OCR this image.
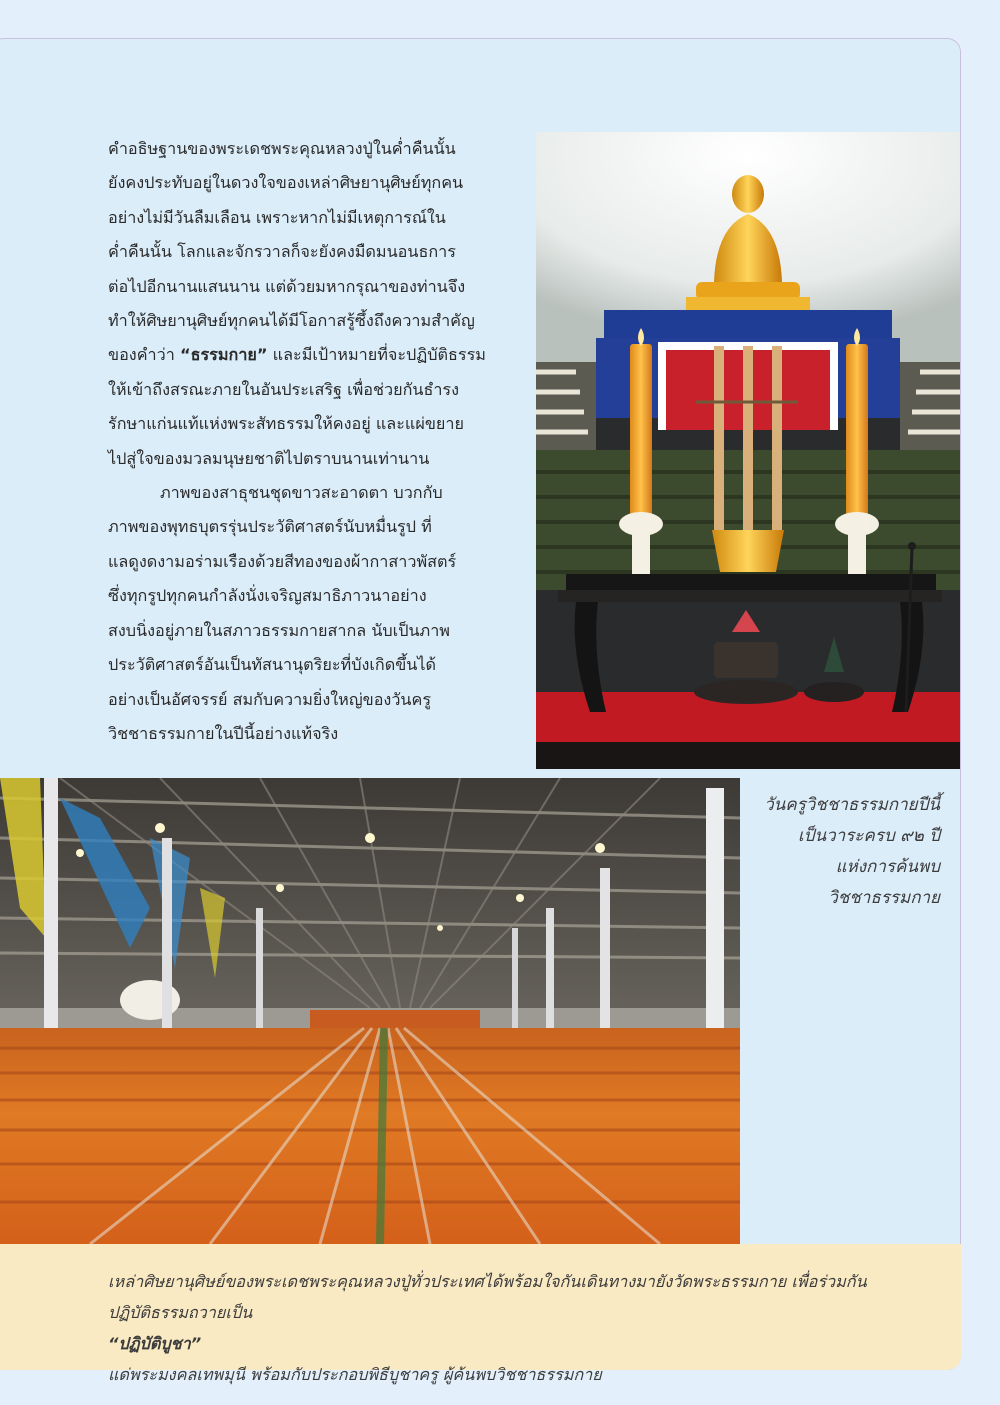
คำอธิษฐานของพระเดชพระคุณหลวงปู่ในค่ำคืนนั้น
ยังคงประทับอยู่ในดวงใจของเหล่าศิษยานุศิษย์ทุกคน
อย่างไม่มีวันลืมเลือน เพราะหากไม่มีเหตุการณ์ใน
ค่ำคืนนั้น โลกและจักรวาลก็จะยังคงมืดมนอนธการ
ต่อไปอีกนานแสนนาน แต่ด้วยมหากรุณาของท่านจึง
ทำให้ศิษยานุศิษย์ทุกคนได้มีโอกาสรู้ซึ้งถึงความสำคัญ
ของคำว่า “ธรรมกาย” และมีเป้าหมายที่จะปฏิบัติธรรม
ให้เข้าถึงสรณะภายในอันประเสริฐ เพื่อช่วยกันธำรง
รักษาแก่นแท้แห่งพระสัทธรรมให้คงอยู่ และแผ่ขยาย
ไปสู่ใจของมวลมนุษยชาติไปตราบนานเท่านาน

ภาพของสาธุชนชุดขาวสะอาดตา บวกกับ
ภาพของพุทธบุตรรุ่นประวัติศาสตร์นับหมื่นรูป ที่
แลดูงดงามอร่ามเรืองด้วยสีทองของผ้ากาสาวพัสตร์
ซึ่งทุกรูปทุกคนกำลังนั่งเจริญสมาธิภาวนาอย่าง
สงบนิ่งอยู่ภายในสภาวธรรมกายสากล นับเป็นภาพ
ประวัติศาสตร์อันเป็นทัสนานุตริยะที่บังเกิดขึ้นได้
อย่างเป็นอัศจรรย์ สมกับความยิ่งใหญ่ของวันครู
วิชชาธรรมกายในปีนี้อย่างแท้จริง

วันครูวิชชาธรรมกายปีนี้
เป็นวาระครบ ๙๒ ปี
แห่งการค้นพบ
วิชชาธรรมกาย
เหล่าศิษยานุศิษย์ของพระเดชพระคุณหลวงปู่ทั่วประเทศได้พร้อมใจกันเดินทางมายังวัดพระธรรมกาย เพื่อร่วมกัน
ปฏิบัติธรรมถวายเป็น
“ปฏิบัติบูชา”
แด่พระมงคลเทพมุนี พร้อมกับประกอบพิธีบูชาครู ผู้ค้นพบวิชชาธรรมกาย
